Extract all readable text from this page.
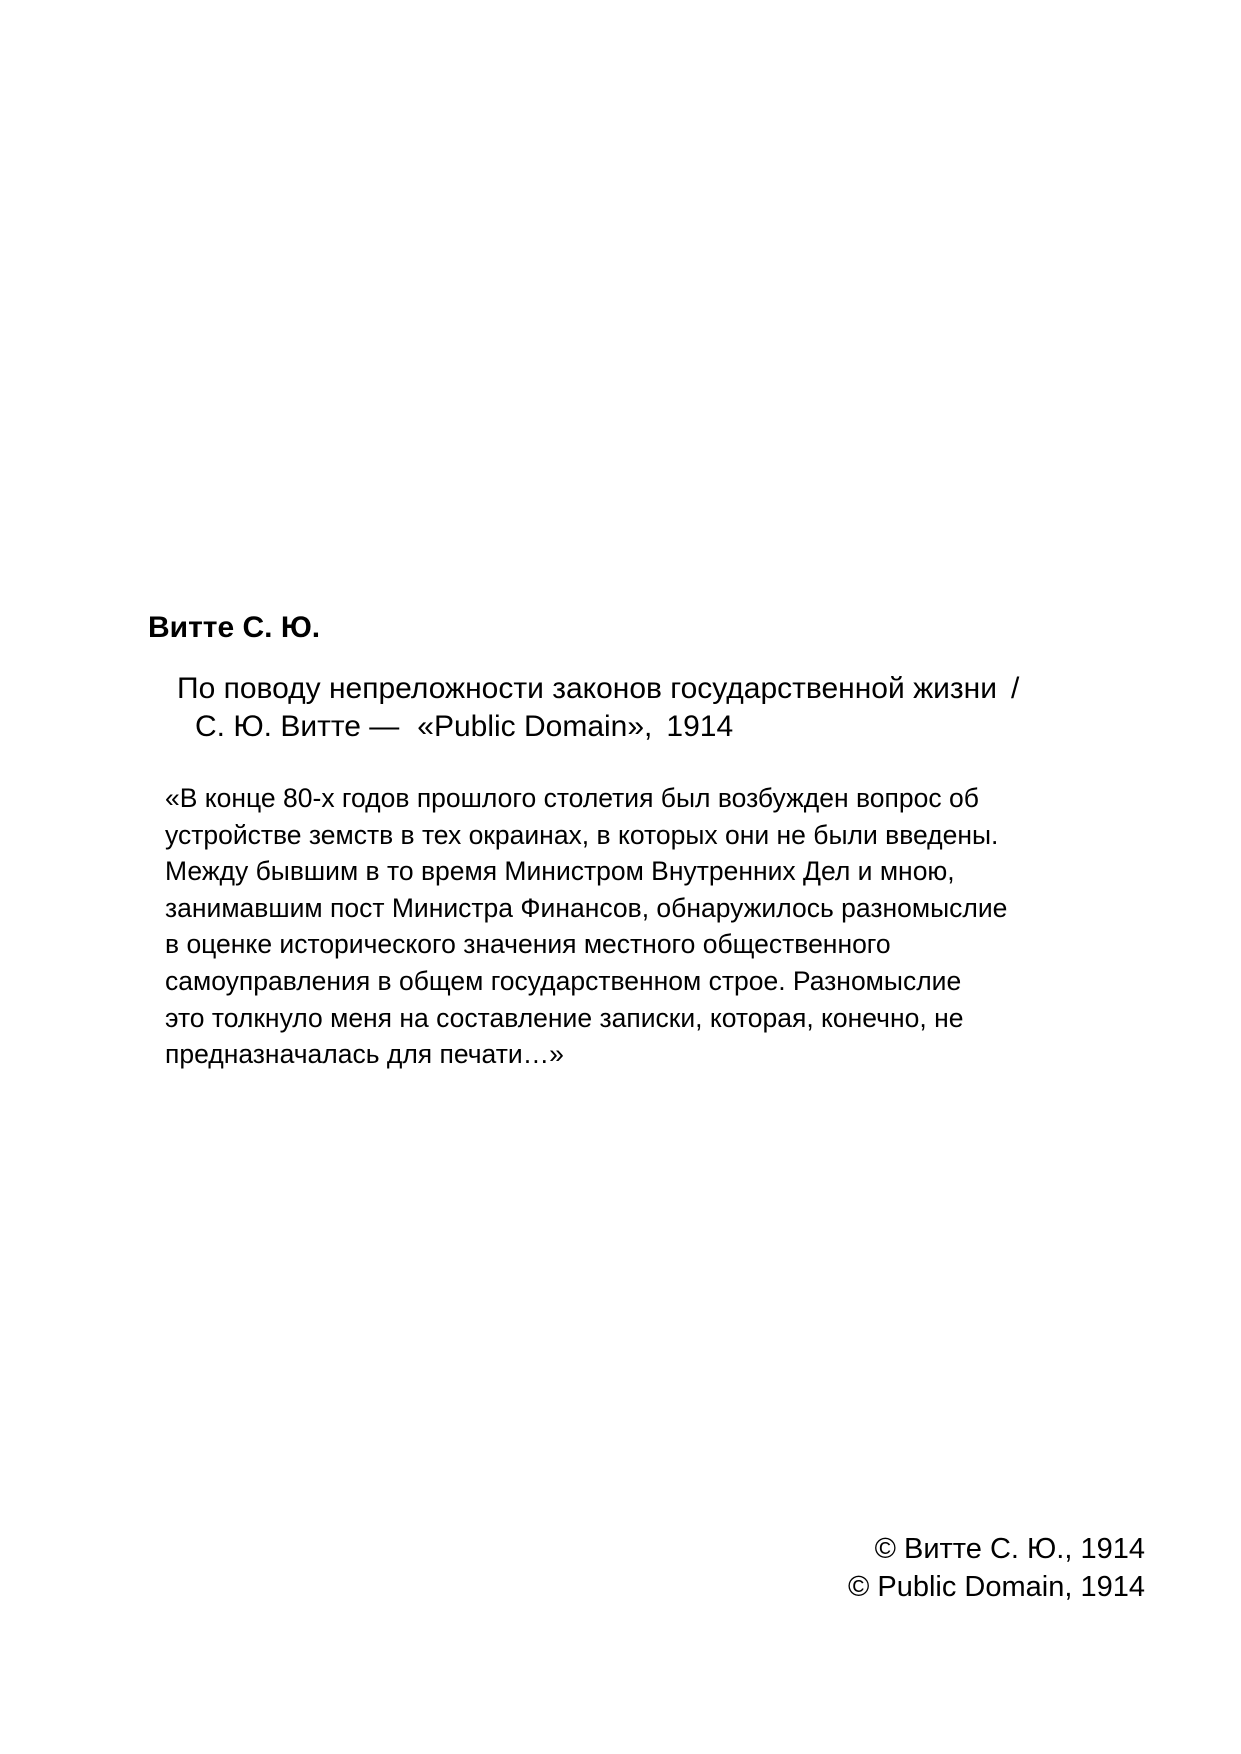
Витте С. Ю.
По поводу непреложности законов государственной жизни /
С. Ю. Витте — «Public Domain», 1914
«В конце 80-х годов прошлого столетия был возбужден вопрос об
устройстве земств в тех окраинах, в которых они не были введены.
Между бывшим в то время Министром Внутренних Дел и мною,
занимавшим пост Министра Финансов, обнаружилось разномыслие
в оценке исторического значения местного общественного
самоуправления в общем государственном строе. Разномыслие
это толкнуло меня на составление записки, которая, конечно, не
предназначалась для печати…»
© Витте С. Ю., 1914
© Public Domain, 1914
